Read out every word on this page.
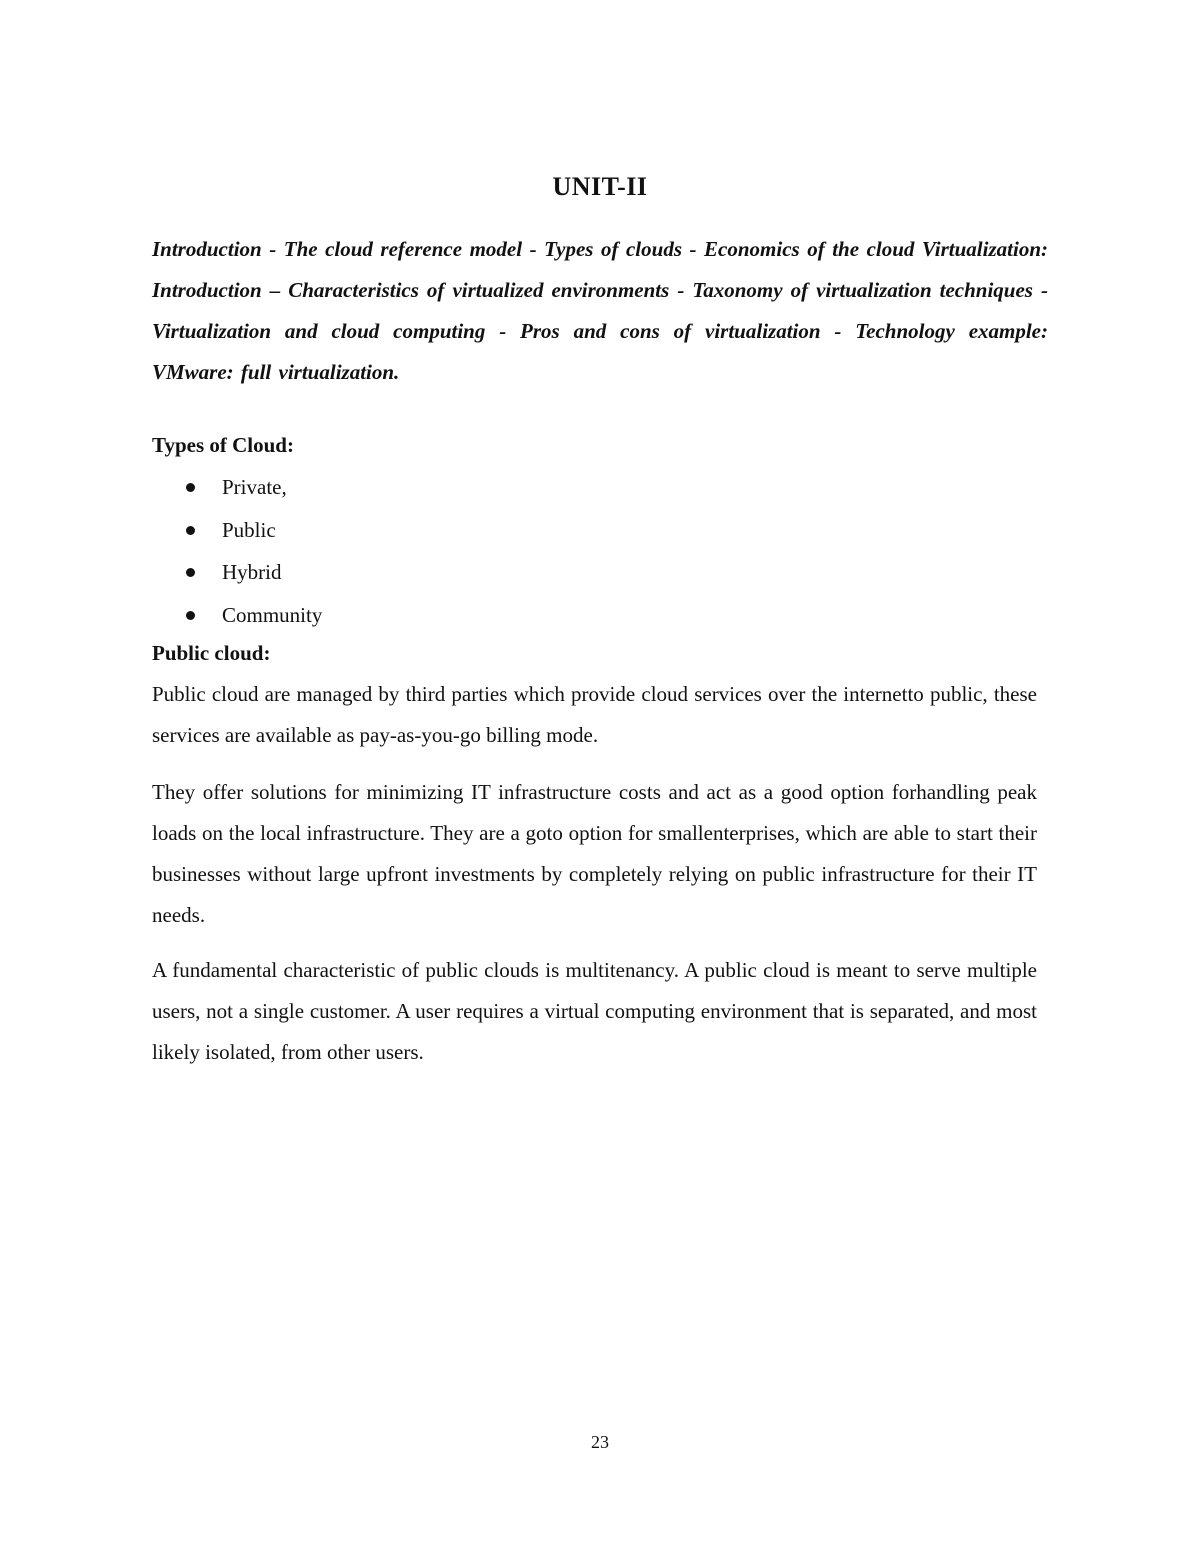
UNIT-II
Introduction - The cloud reference model - Types of clouds - Economics of the cloud Virtualization: Introduction – Characteristics of virtualized environments - Taxonomy of virtualization techniques - Virtualization and cloud computing - Pros and cons of virtualization - Technology example: VMware: full virtualization.
Types of Cloud:
Private,
Public
Hybrid
Community
Public cloud:

Public cloud are managed by third parties which provide cloud services over the internetto public, these services are available as pay-as-you-go billing mode.

They offer solutions for minimizing IT infrastructure costs and act as a good option forhandling peak loads on the local infrastructure. They are a goto option for smallenterprises, which are able to start their businesses without large upfront investments by completely relying on public infrastructure for their IT needs.

A fundamental characteristic of public clouds is multitenancy. A public cloud is meant to serve multiple users, not a single customer. A user requires a virtual computing environment that is separated, and most likely isolated, from other users.

23
